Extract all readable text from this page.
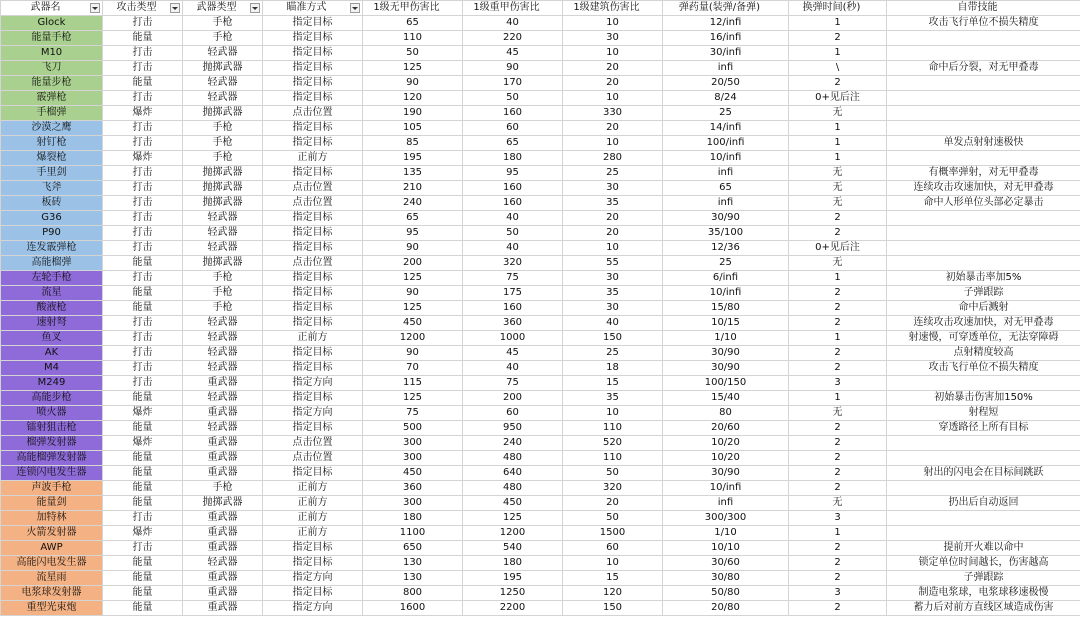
武器名	攻击类型	武器类型	瞄准方式	1级无甲伤害比	1级重甲伤害比	1级建筑伤害比	弹药量(装弹/备弹)	换弹时间(秒)	自带技能
Glock	打击	手枪	指定目标	65	40	10	12/infi	1	攻击飞行单位不损失精度
能量手枪	能量	手枪	指定目标	110	220	30	16/infi	2	
M10	打击	轻武器	指定目标	50	45	10	30/infi	1	
飞刀	打击	抛掷武器	指定目标	125	90	20	infi	\	命中后分裂，对无甲叠毒
能量步枪	能量	轻武器	指定目标	90	170	20	20/50	2	
霰弹枪	打击	轻武器	指定目标	120	50	10	8/24	0+见后注	
手榴弹	爆炸	抛掷武器	点击位置	190	160	330	25	无	
沙漠之鹰	打击	手枪	指定目标	105	60	20	14/infi	1	
射钉枪	打击	手枪	指定目标	85	65	10	100/infi	1	单发点射射速极快
爆裂枪	爆炸	手枪	正前方	195	180	280	10/infi	1	
手里剑	打击	抛掷武器	指定目标	135	95	25	infi	无	有概率弹射，对无甲叠毒
飞斧	打击	抛掷武器	点击位置	210	160	30	65	无	连续攻击攻速加快，对无甲叠毒
板砖	打击	抛掷武器	点击位置	240	160	35	infi	无	命中人形单位头部必定暴击
G36	打击	轻武器	指定目标	65	40	20	30/90	2	
P90	打击	轻武器	指定目标	95	50	20	35/100	2	
连发霰弹枪	打击	轻武器	指定目标	90	40	10	12/36	0+见后注	
高能榴弹	能量	抛掷武器	点击位置	200	320	55	25	无	
左轮手枪	打击	手枪	指定目标	125	75	30	6/infi	1	初始暴击率加5%
流星	能量	手枪	指定目标	90	175	35	10/infi	2	子弹跟踪
酸液枪	能量	手枪	指定目标	125	160	30	15/80	2	命中后溅射
速射弩	打击	轻武器	指定目标	450	360	40	10/15	2	连续攻击攻速加快，对无甲叠毒
鱼叉	打击	轻武器	正前方	1200	1000	150	1/10	1	射速慢，可穿透单位，无法穿障碍
AK	打击	轻武器	指定目标	90	45	25	30/90	2	点射精度较高
M4	打击	轻武器	指定目标	70	40	18	30/90	2	攻击飞行单位不损失精度
M249	打击	重武器	指定方向	115	75	15	100/150	3	
高能步枪	能量	轻武器	指定目标	125	200	35	15/40	1	初始暴击伤害加150%
喷火器	爆炸	重武器	指定方向	75	60	10	80	无	射程短
镭射狙击枪	能量	轻武器	指定目标	500	950	110	20/60	2	穿透路径上所有目标
榴弹发射器	爆炸	重武器	点击位置	300	240	520	10/20	2	
高能榴弹发射器	能量	重武器	点击位置	300	480	110	10/20	2	
连锁闪电发生器	能量	重武器	指定目标	450	640	50	30/90	2	射出的闪电会在目标间跳跃
声波手枪	能量	手枪	正前方	360	480	320	10/infi	2	
能量剑	能量	抛掷武器	正前方	300	450	20	infi	无	扔出后自动返回
加特林	打击	重武器	正前方	180	125	50	300/300	3	
火箭发射器	爆炸	重武器	正前方	1100	1200	1500	1/10	1	
AWP	打击	重武器	指定目标	650	540	60	10/10	2	提前开火难以命中
高能闪电发生器	能量	轻武器	指定目标	130	180	10	30/60	2	锁定单位时间越长，伤害越高
流星雨	能量	重武器	指定方向	130	195	15	30/80	2	子弹跟踪
电浆球发射器	能量	重武器	指定目标	800	1250	120	50/80	3	制造电浆球，电浆球移速极慢
重型光束炮	能量	重武器	指定方向	1600	2200	150	20/80	2	蓄力后对前方直线区域造成伤害
